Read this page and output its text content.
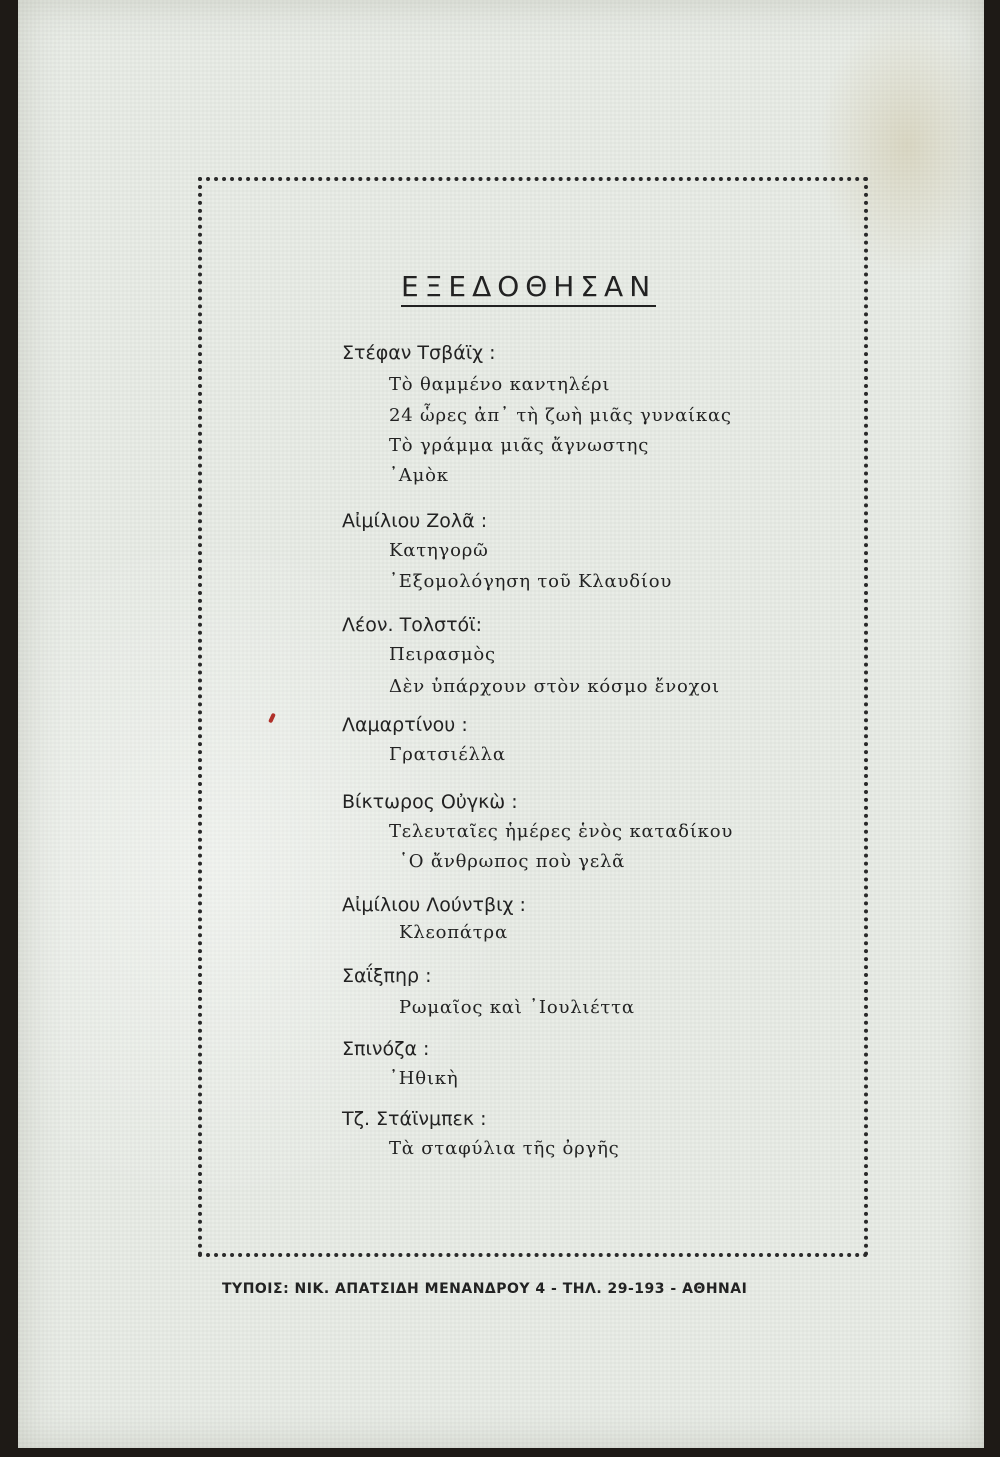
ΕΞΕΔΟΘΗΣΑΝ
Στέφαν Τσβάϊχ :
Τὸ θαμμένο καντηλέρι
24 ὧρες ἀπ᾽ τὴ ζωὴ μιᾶς γυναίκας
Τὸ γράμμα μιᾶς ἄγνωστης
᾽Αμὸκ
Αἰμίλιου Ζολᾶ :
Κατηγορῶ
᾽Εξομολόγηση τοῦ Κλαυδίου
Λέον. Τολστόϊ:
Πειρασμὸς
Δὲν ὑπάρχουν στὸν κόσμο ἔνοχοι
Λαμαρτίνου :
Γρατσιέλλα
Βίκτωρος Οὐγκὼ :
Τελευταῖες ἡμέρες ἑνὸς καταδίκου
῾Ο ἄνθρωπος ποὺ γελᾶ
Αἰμίλιου Λούντβιχ :
Κλεοπάτρα
Σαΐξπηρ :
Ρωμαῖος καὶ ᾽Ιουλιέττα
Σπινόζα :
᾽Ηθικὴ
Τζ. Στάϊνμπεκ :
Τὰ σταφύλια τῆς ὀργῆς
ΤΥΠΟΙΣ: ΝΙΚ. ΑΠΑΤΣΙΔΗ ΜΕΝΑΝΔΡΟΥ 4 - ΤΗΛ. 29-193 - ΑΘΗΝΑΙ
